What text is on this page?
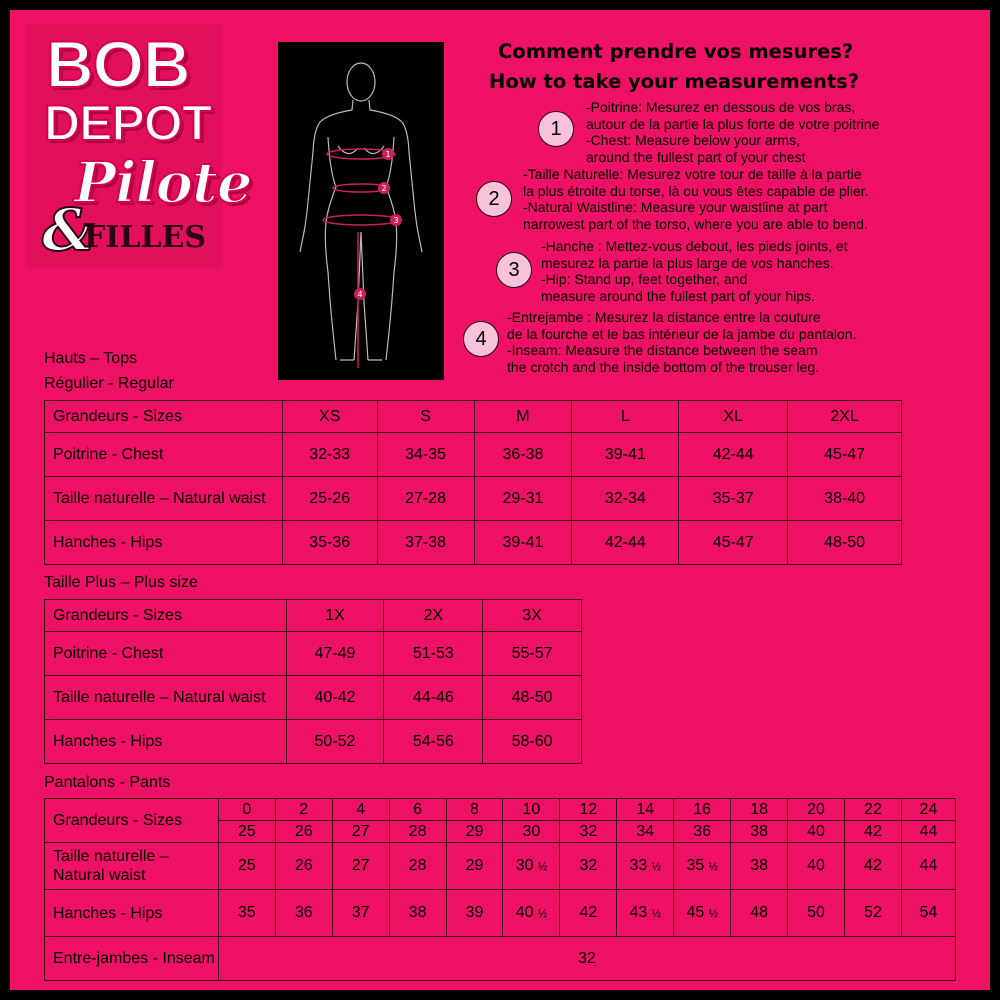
BOB
DEPOT
Pilote
&
FILLES
1
2
3
4
Comment prendre vos mesures?
How to take your measurements?
1
-Poitrine: Mesurez en dessous de vos bras,
autour de la partie la plus forte de votre poitrine
-Chest: Measure below your arms,
around the fullest part of your chest
2
-Taille Naturelle: Mesurez votre tour de taille à la partie
la plus étroite du torse, là ou vous êtes capable de plier.
-Natural Waistline: Measure your waistline at part
narrowest part of the torso, where you are able to bend.
3
-Hanche : Mettez-vous debout, les pieds joints, et
mesurez la partie la plus large de vos hanches.
-Hip: Stand up, feet together, and
measure around the fullest part of your hips.
4
-Entrejambe : Mesurez la distance entre la couture
de la fourche et le bas intérieur de la jambe du pantalon.
-Inseam: Measure the distance between the seam
the crotch and the inside bottom of the trouser leg.
Hauts – Tops
Régulier - Regular
Grandeurs - Sizes	XS	S	M	L	XL	2XL
Poitrine - Chest	32-33	34-35	36-38	39-41	42-44	45-47
Taille naturelle – Natural waist	25-26	27-28	29-31	32-34	35-37	38-40
Hanches - Hips	35-36	37-38	39-41	42-44	45-47	48-50
Taille Plus – Plus size
Grandeurs - Sizes	1X	2X	3X
Poitrine - Chest	47-49	51-53	55-57
Taille naturelle – Natural waist	40-42	44-46	48-50
Hanches - Hips	50-52	54-56	58-60
Pantalons - Pants
Grandeurs - Sizes	0	2	4	6	8	10	12	14	16	18	20	22	24
	25	26	27	28	29	30	32	34	36	38	40	42	44
Taille naturelle – Natural waist	25	26	27	28	29	30 ½	32	33 ½	35 ½	38	40	42	44
Hanches - Hips	35	36	37	38	39	40 ½	42	43 ½	45 ½	48	50	52	54
Entre-jambes - Inseam	32												
